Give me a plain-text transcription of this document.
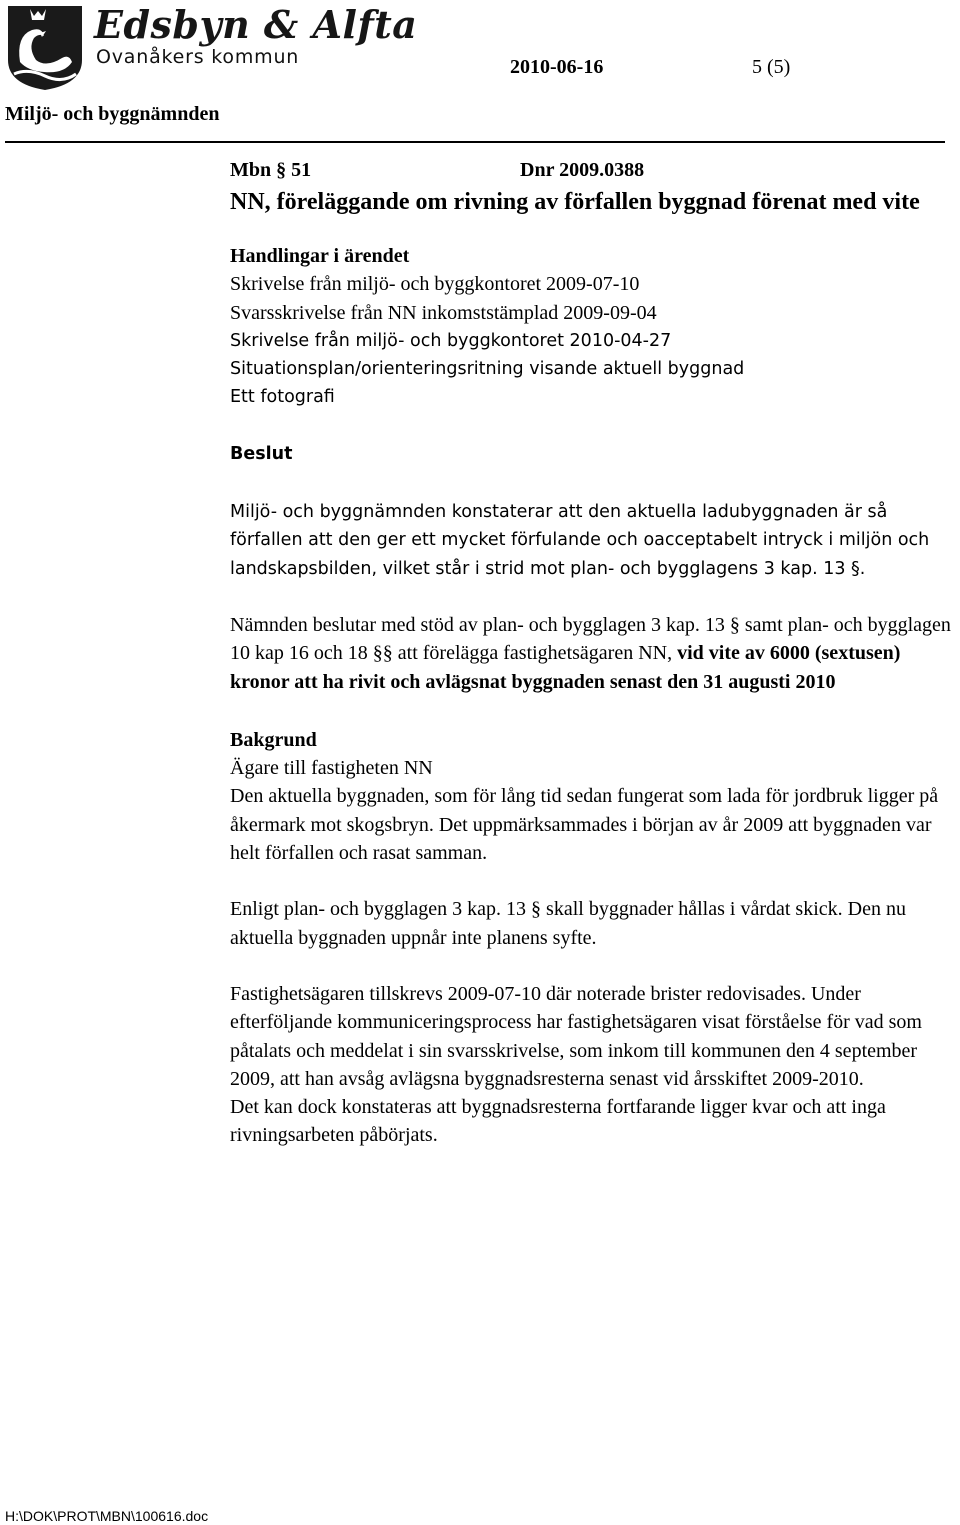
Edsbyn & Alfta
Ovanåkers kommun	2010-06-16	5 (5)
Miljö- och byggnämnden
Mbn § 51	Dnr 2009.0388

NN, föreläggande om rivning av förfallen byggnad förenat med vite

Handlingar i ärendet

Skrivelse från miljö- och byggkontoret 2009-07-10

Svarsskrivelse från NN inkomststämplad 2009-09-04

Skrivelse från miljö- och byggkontoret 2010-04-27

Situationsplan/orienteringsritning visande aktuell byggnad

Ett fotografi

Beslut

Miljö- och byggnämnden konstaterar att den aktuella ladubyggnaden är så förfallen att den ger ett mycket förfulande och oacceptabelt intryck i miljön och landskapsbilden, vilket står i strid mot plan- och bygglagens 3 kap. 13 §.

Nämnden beslutar med stöd av plan- och bygglagen 3 kap. 13 § samt plan- och bygglagen 10 kap 16 och 18 §§ att förelägga fastighetsägaren NN, vid vite av 6000 (sextusen) kronor att ha rivit och avlägsnat byggnaden senast den 31 augusti 2010

Bakgrund

Ägare till fastigheten NN

Den aktuella byggnaden, som för lång tid sedan fungerat som lada för jordbruk ligger på åkermark mot skogsbryn. Det uppmärksammades i början av år 2009 att byggnaden var helt förfallen och rasat samman.

Enligt plan- och bygglagen 3 kap. 13 § skall byggnader hållas i vårdat skick. Den nu aktuella byggnaden uppnår inte planens syfte.

Fastighetsägaren tillskrevs 2009-07-10 där noterade brister redovisades. Under efterföljande kommuniceringsprocess har fastighetsägaren visat förståelse för vad som påtalats och meddelat i sin svarsskrivelse, som inkom till kommunen den 4 september 2009, att han avsåg avlägsna byggnadsresterna senast vid årsskiftet 2009-2010.

Det kan dock konstateras att byggnadsresterna fortfarande ligger kvar och att inga rivningsarbeten påbörjats.

H:\DOK\PROT\MBN\100616.doc
